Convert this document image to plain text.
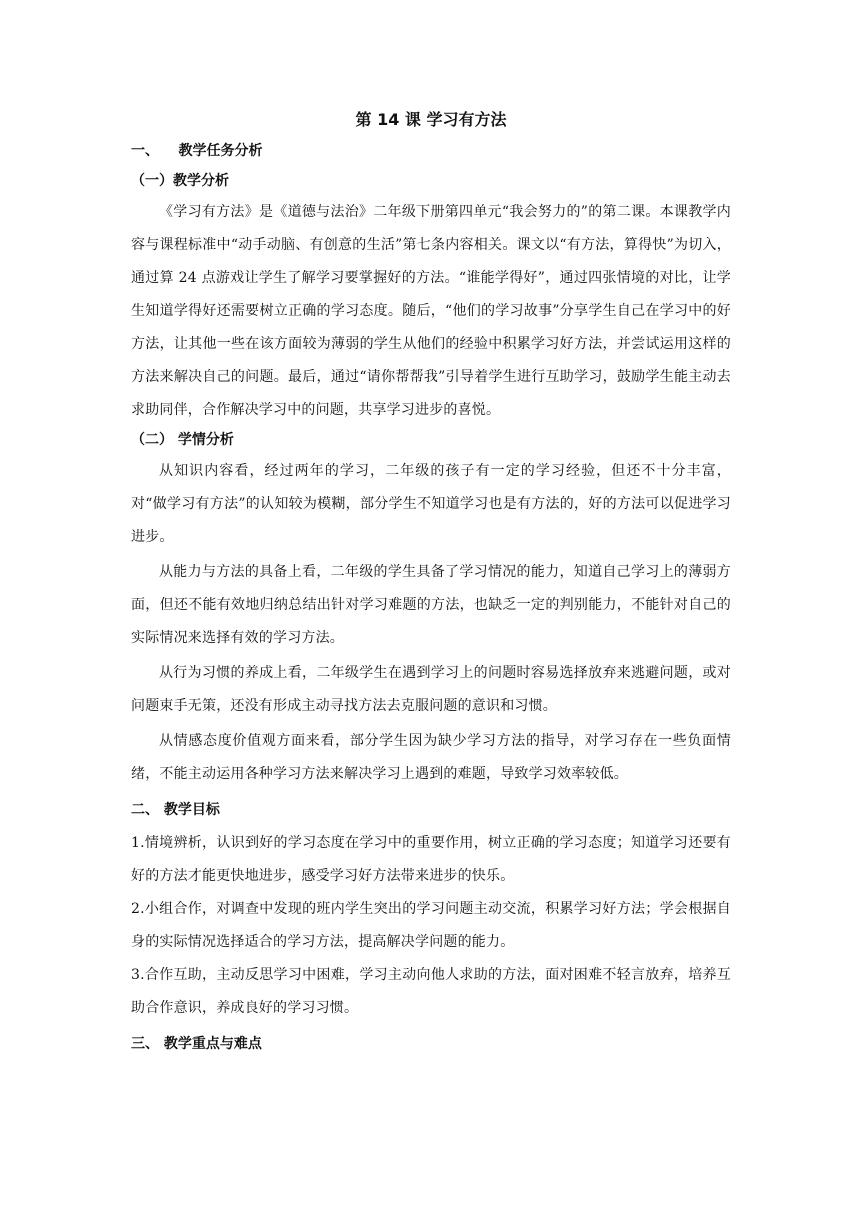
第 14 课 学习有方法
一、    教学任务分析
（一）教学分析

《学习有方法》是《道德与法治》二年级下册第四单元“我会努力的”的第二课。本课教学内容与课程标准中“动手动脑、有创意的生活”第七条内容相关。课文以“有方法，算得快”为切入，通过算 24 点游戏让学生了解学习要掌握好的方法。“谁能学得好”，通过四张情境的对比，让学生知道学得好还需要树立正确的学习态度。随后，“他们的学习故事”分享学生自己在学习中的好方法，让其他一些在该方面较为薄弱的学生从他们的经验中积累学习好方法，并尝试运用这样的方法来解决自己的问题。最后，通过“请你帮帮我”引导着学生进行互助学习，鼓励学生能主动去求助同伴，合作解决学习中的问题，共享学习进步的喜悦。

（二） 学情分析

从知识内容看，经过两年的学习，二年级的孩子有一定的学习经验，但还不十分丰富，对“做学习有方法”的认知较为模糊，部分学生不知道学习也是有方法的，好的方法可以促进学习进步。

从能力与方法的具备上看，二年级的学生具备了学习情况的能力，知道自己学习上的薄弱方面，但还不能有效地归纳总结出针对学习难题的方法，也缺乏一定的判别能力，不能针对自己的实际情况来选择有效的学习方法。

从行为习惯的养成上看，二年级学生在遇到学习上的问题时容易选择放弃来逃避问题，或对问题束手无策，还没有形成主动寻找方法去克服问题的意识和习惯。

从情感态度价值观方面来看，部分学生因为缺少学习方法的指导，对学习存在一些负面情绪，不能主动运用各种学习方法来解决学习上遇到的难题，导致学习效率较低。

二、 教学目标

1.情境辨析，认识到好的学习态度在学习中的重要作用，树立正确的学习态度；知道学习还要有好的方法才能更快地进步，感受学习好方法带来进步的快乐。

2.小组合作，对调查中发现的班内学生突出的学习问题主动交流，积累学习好方法；学会根据自身的实际情况选择适合的学习方法，提高解决学问题的能力。

3.合作互助，主动反思学习中困难，学习主动向他人求助的方法，面对困难不轻言放弃，培养互助合作意识，养成良好的学习习惯。

三、 教学重点与难点
